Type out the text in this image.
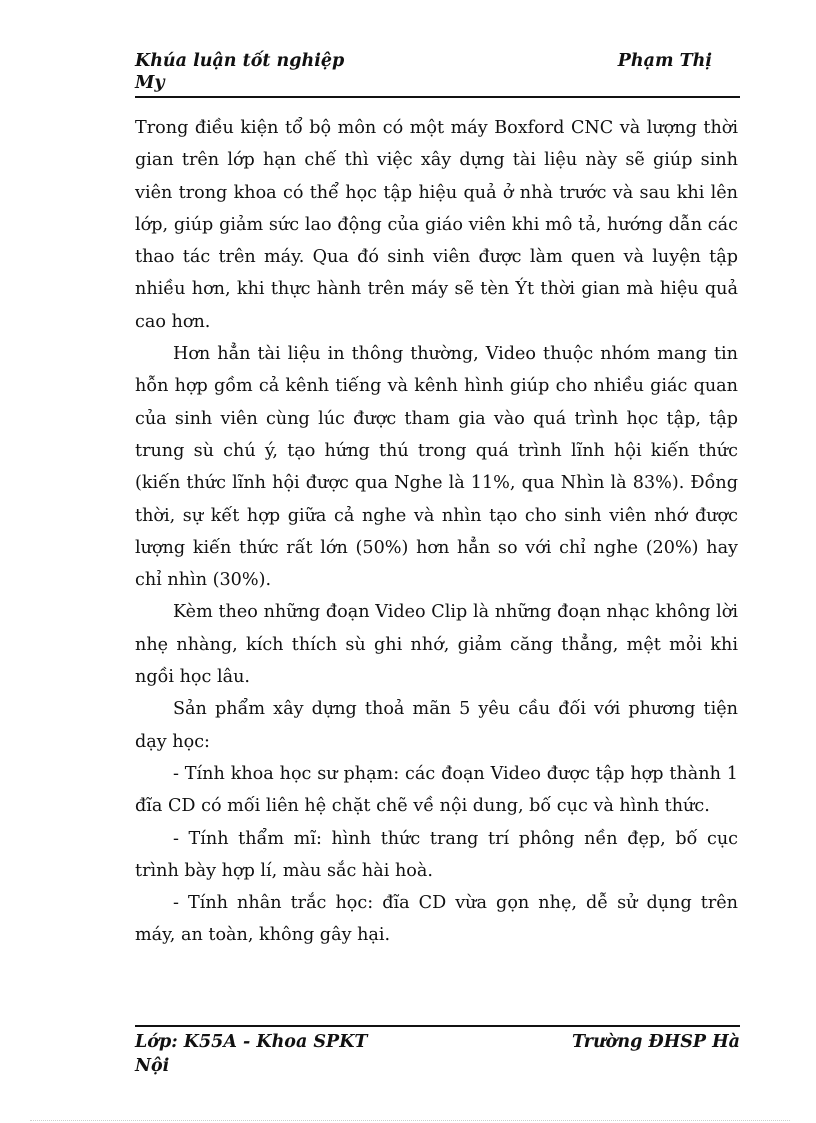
Khúa luận tốt nghiệp	Phạm Thị
My

Trong điều kiện tổ bộ môn có một máy Boxford CNC và lượng thời gian trên lớp hạn chế thì việc xây dựng tài liệu này sẽ giúp sinh viên trong khoa có thể học tập hiệu quả ở nhà trước và sau khi lên lớp, giúp giảm sức lao động của giáo viên khi mô tả, hướng dẫn các thao tác trên máy. Qua đó sinh viên được làm quen và luyện tập nhiều hơn, khi thực hành trên máy sẽ tèn Ýt thời gian mà hiệu quả cao hơn.

Hơn hẳn tài liệu in thông thường, Video thuộc nhóm mang tin hỗn hợp gồm cả kênh tiếng và kênh hình giúp cho nhiều giác quan của sinh viên cùng lúc được tham gia vào quá trình học tập, tập trung sù chú ý, tạo hứng thú trong quá trình lĩnh hội kiến thức (kiến thức lĩnh hội được qua Nghe là 11%, qua Nhìn là 83%). Đồng thời, sự kết hợp giữa cả nghe và nhìn tạo cho sinh viên nhớ được lượng kiến thức rất lớn (50%) hơn hẳn so với chỉ nghe (20%) hay chỉ nhìn (30%).

Kèm theo những đoạn Video Clip là những đoạn nhạc không lời nhẹ nhàng, kích thích sù ghi nhớ, giảm căng thẳng, mệt mỏi khi ngồi học lâu.

Sản phẩm xây dựng thoả mãn 5 yêu cầu đối với phương tiện dạy học:

- Tính khoa học sư phạm: các đoạn Video được tập hợp thành 1 đĩa CD có mối liên hệ chặt chẽ về nội dung, bố cục và hình thức.

- Tính thẩm mĩ: hình thức trang trí phông nền đẹp, bố cục trình bày hợp lí, màu sắc hài hoà.

- Tính nhân trắc học: đĩa CD vừa gọn nhẹ, dễ sử dụng trên máy, an toàn, không gây hại.

Lớp: K55A - Khoa SPKT	Trường ĐHSP Hà
Nội
